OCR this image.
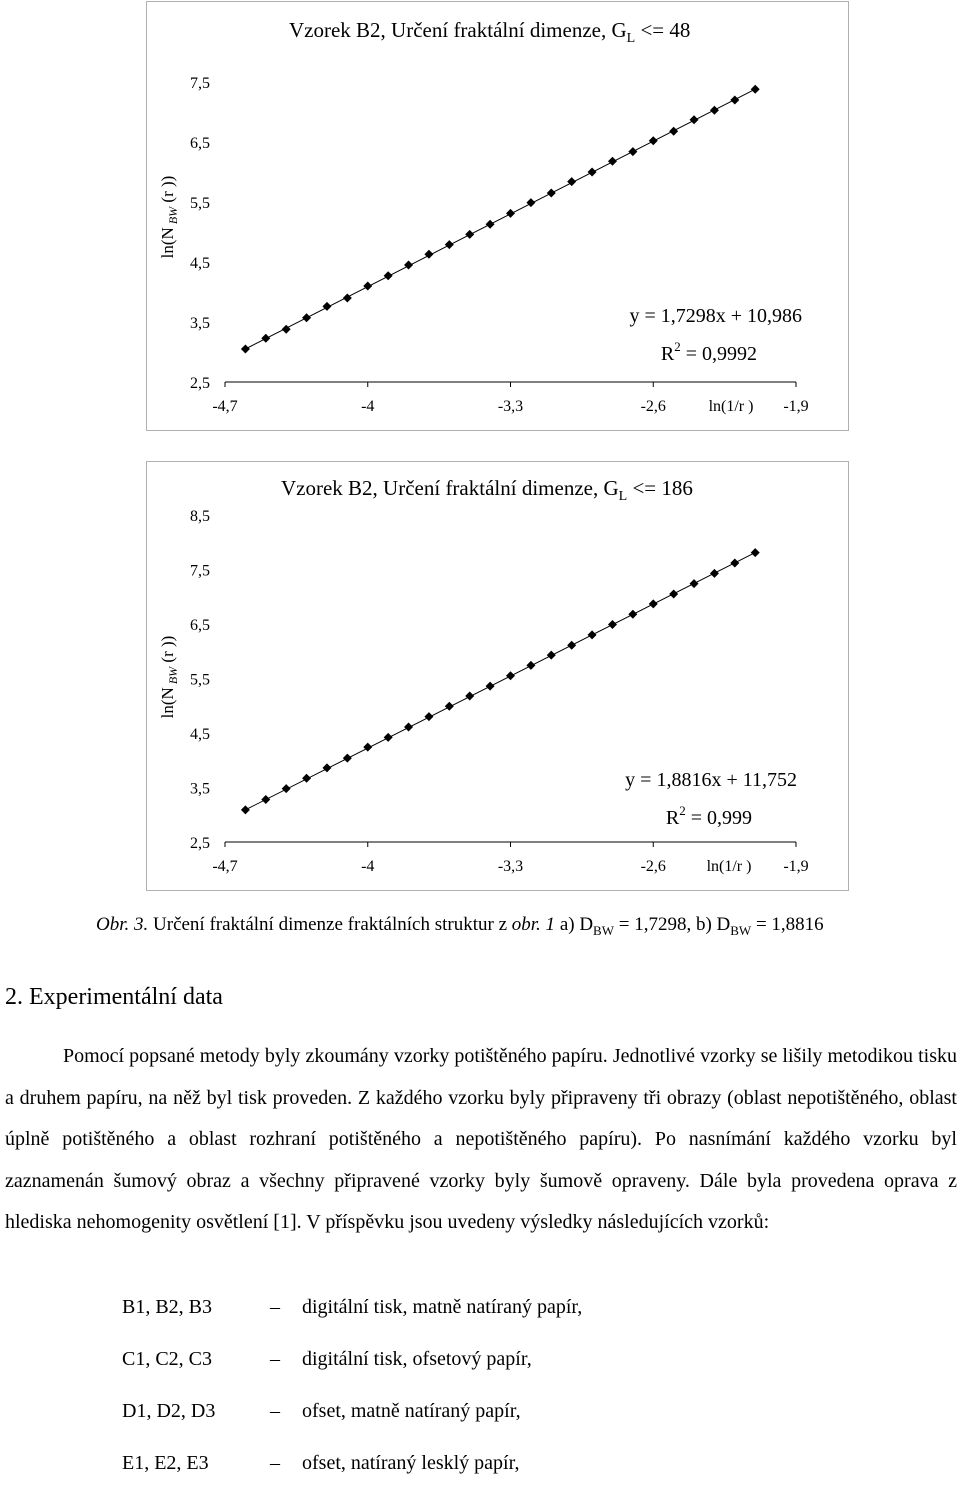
Vzorek B2, Určení fraktální dimenze, $G_L <= 48$
-4,7	-4	-3,3	-2,6	-1,9
2,5
3,5
4,5
5,5
6,5
7,5
ln(1/r )
ln(N $_{BW}$ (r ))
y = 1,7298x + 10,986
$R^2 = 0,9992$
Vzorek B2, Určení fraktální dimenze, $G_L <= 186$
-4,7	-4	-3,3	-2,6	-1,9
2,5
3,5
4,5
5,5
6,5
7,5
8,5
ln(1/r )
ln(N $_{BW}$ (r ))
y = 1,8816x + 11,752
$R^2 = 0,999$
Obr. 3. Určení fraktální dimenze fraktálních struktur z obr. 1 a) $D_{BW} = 1,7298$, b) $D_{BW} = 1,8816$
2. Experimentální data

Pomocí popsané metody byly zkoumány vzorky potištěného papíru. Jednotlivé vzorky se lišily metodikou tisku a druhem papíru, na něž byl tisk proveden. Z každého vzorku byly připraveny tři obrazy (oblast nepotištěného, oblast úplně potištěného a oblast rozhraní potištěného a nepotištěného papíru). Po nasnímání každého vzorku byl zaznamenán šumový obraz a všechny připravené vzorky byly šumově opraveny. Dále byla provedena oprava z hlediska nehomogenity osvětlení [1]. V příspěvku jsou uvedeny výsledky následujících vzorků:

B1, B2, B3	– digitální tisk, matně natíraný papír,
C1, C2, C3	– digitální tisk, ofsetový papír,
D1, D2, D3	– ofset, matně natíraný papír,
E1, E2, E3	– ofset, natíraný lesklý papír,
